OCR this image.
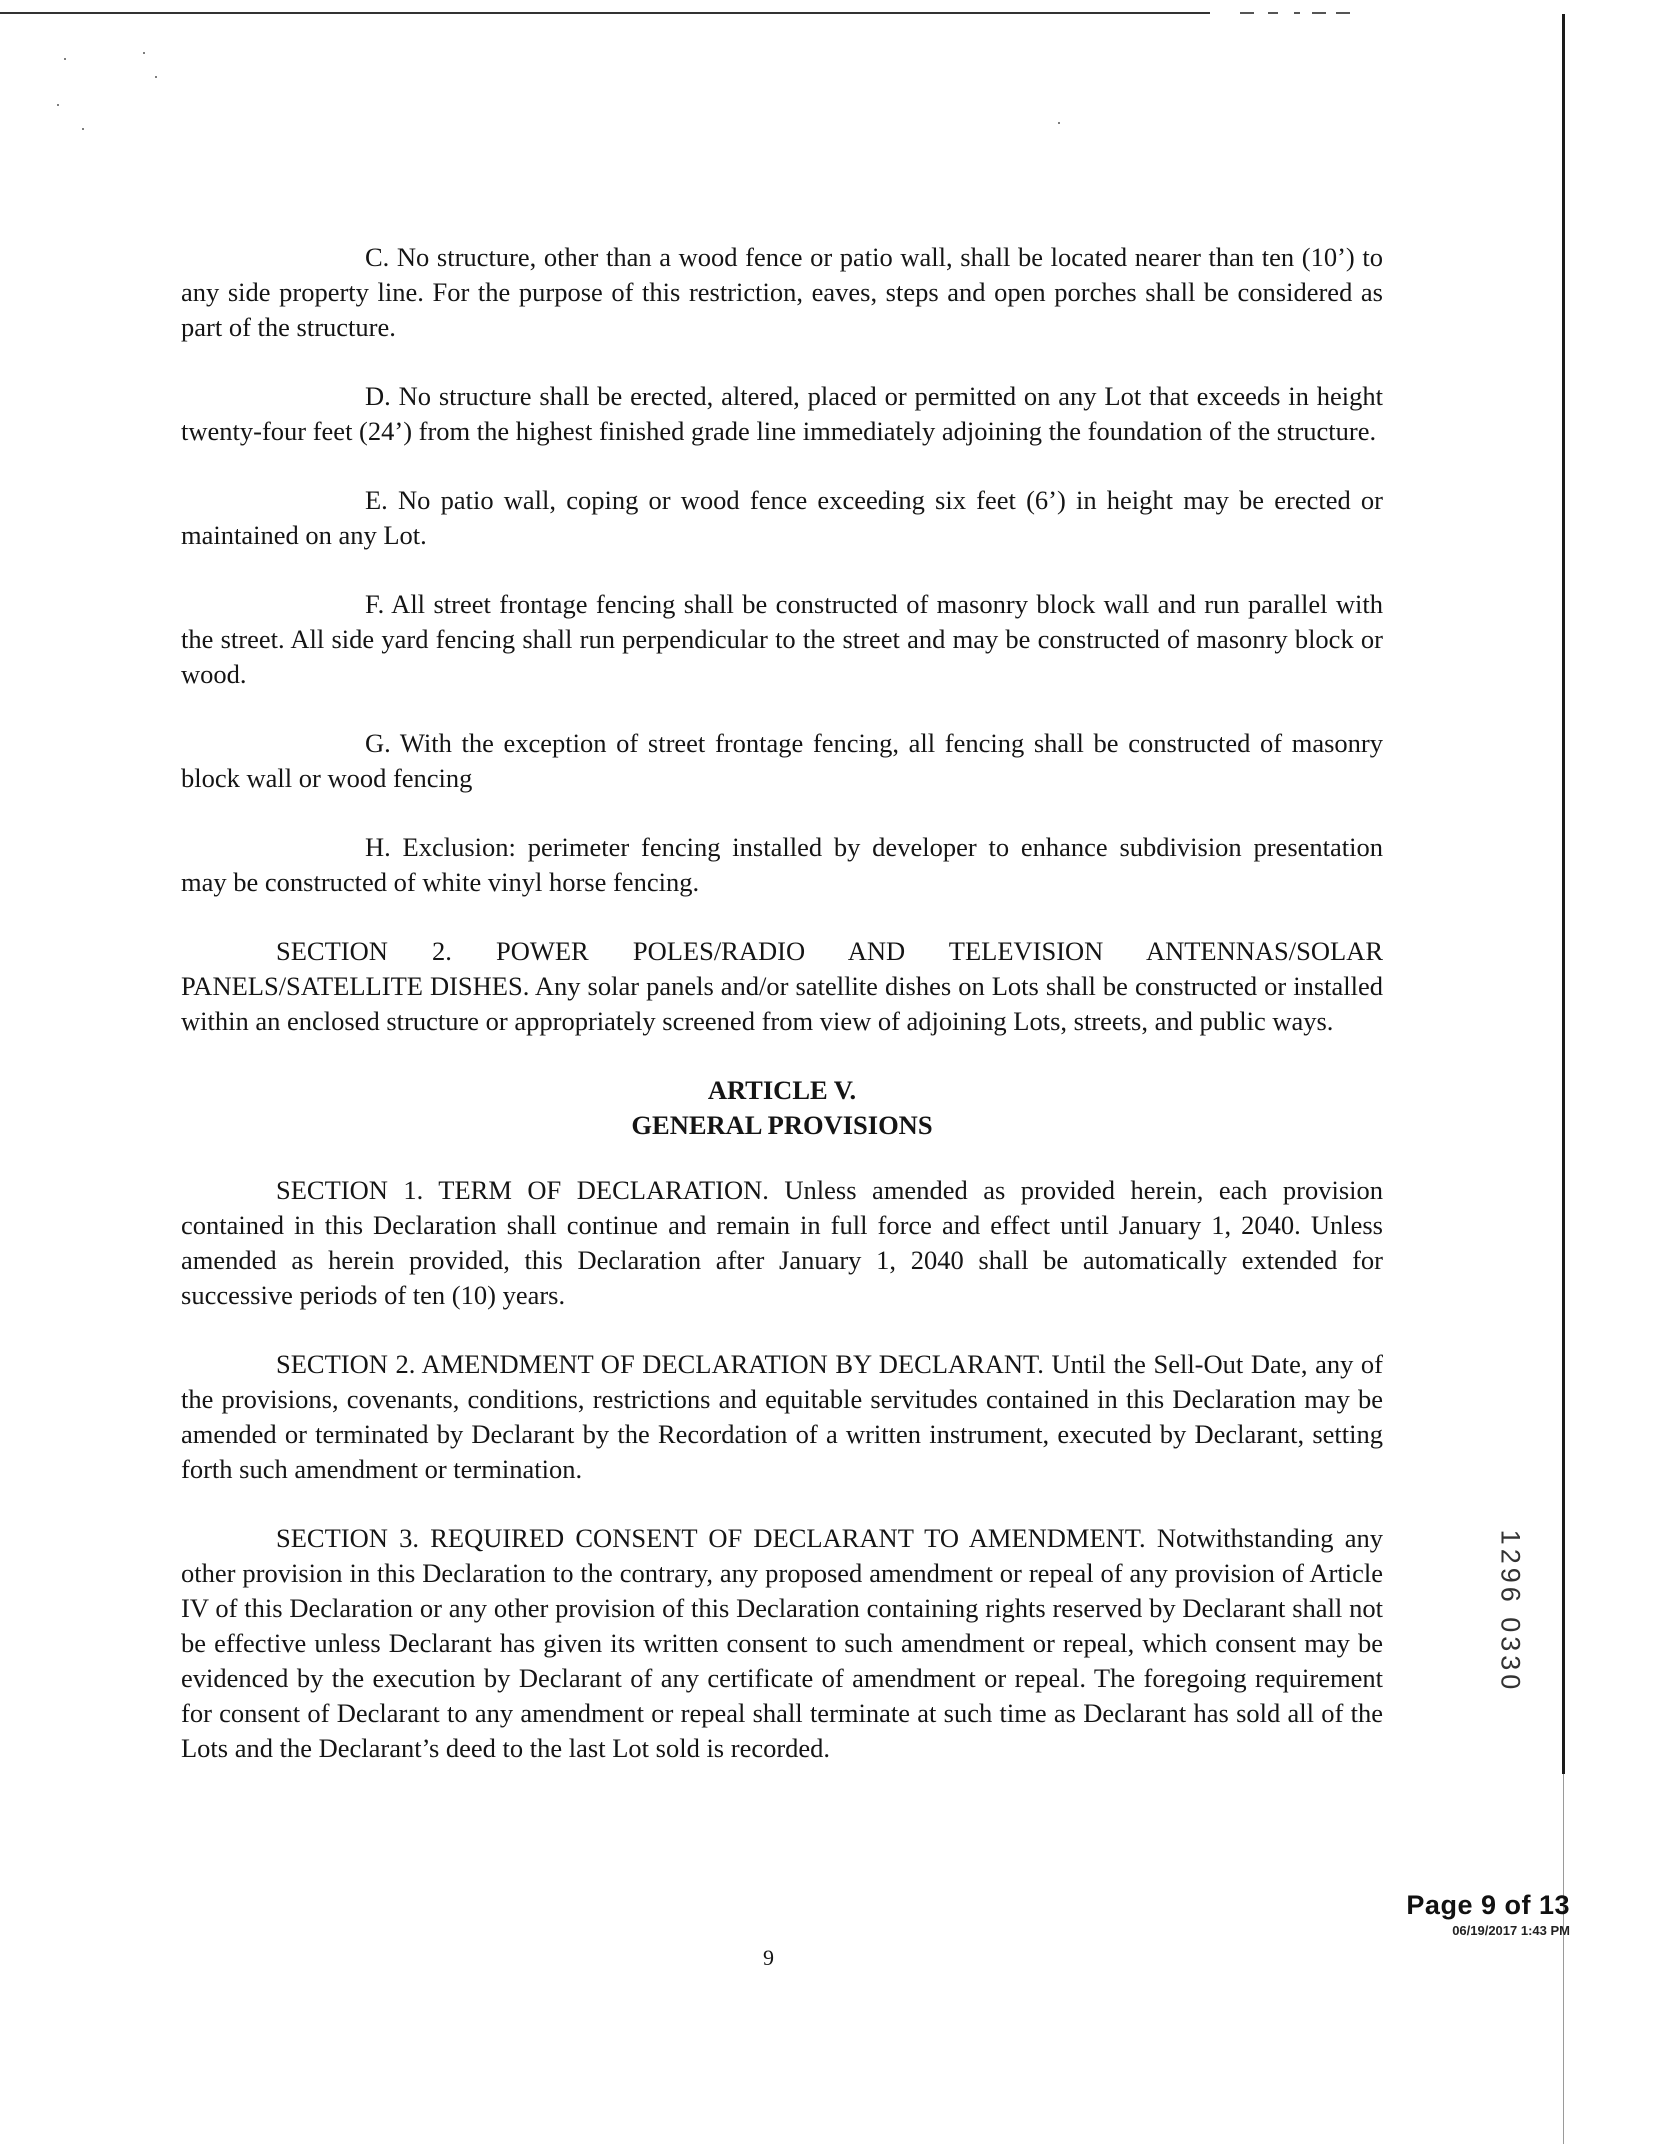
C. No structure, other than a wood fence or patio wall, shall be located nearer than ten (10’) to any side property line. For the purpose of this restriction, eaves, steps and open porches shall be considered as part of the structure.

D. No structure shall be erected, altered, placed or permitted on any Lot that exceeds in height twenty-four feet (24’) from the highest finished grade line immediately adjoining the foundation of the structure.

E. No patio wall, coping or wood fence exceeding six feet (6’) in height may be erected or maintained on any Lot.

F. All street frontage fencing shall be constructed of masonry block wall and run parallel with the street. All side yard fencing shall run perpendicular to the street and may be constructed of masonry block or wood.

G. With the exception of street frontage fencing, all fencing shall be constructed of masonry block wall or wood fencing

H. Exclusion: perimeter fencing installed by developer to enhance subdivision presentation may be constructed of white vinyl horse fencing.

SECTION 2. POWER POLES/RADIO AND TELEVISION ANTENNAS/SOLAR PANELS/SATELLITE DISHES. Any solar panels and/or satellite dishes on Lots shall be constructed or installed within an enclosed structure or appropriately screened from view of adjoining Lots, streets, and public ways.

ARTICLE V.
GENERAL PROVISIONS

SECTION 1. TERM OF DECLARATION. Unless amended as provided herein, each provision contained in this Declaration shall continue and remain in full force and effect until January 1, 2040. Unless amended as herein provided, this Declaration after January 1, 2040 shall be automatically extended for successive periods of ten (10) years.

SECTION 2. AMENDMENT OF DECLARATION BY DECLARANT. Until the Sell-Out Date, any of the provisions, covenants, conditions, restrictions and equitable servitudes contained in this Declaration may be amended or terminated by Declarant by the Recordation of a written instrument, executed by Declarant, setting forth such amendment or termination.

SECTION 3. REQUIRED CONSENT OF DECLARANT TO AMENDMENT. Notwithstanding any other provision in this Declaration to the contrary, any proposed amendment or repeal of any provision of Article IV of this Declaration or any other provision of this Declaration containing rights reserved by Declarant shall not be effective unless Declarant has given its written consent to such amendment or repeal, which consent may be evidenced by the execution by Declarant of any certificate of amendment or repeal. The foregoing requirement for consent of Declarant to any amendment or repeal shall terminate at such time as Declarant has sold all of the Lots and the Declarant’s deed to the last Lot sold is recorded.

1296 0330
Page 9 of 13
06/19/2017 1:43 PM
9
